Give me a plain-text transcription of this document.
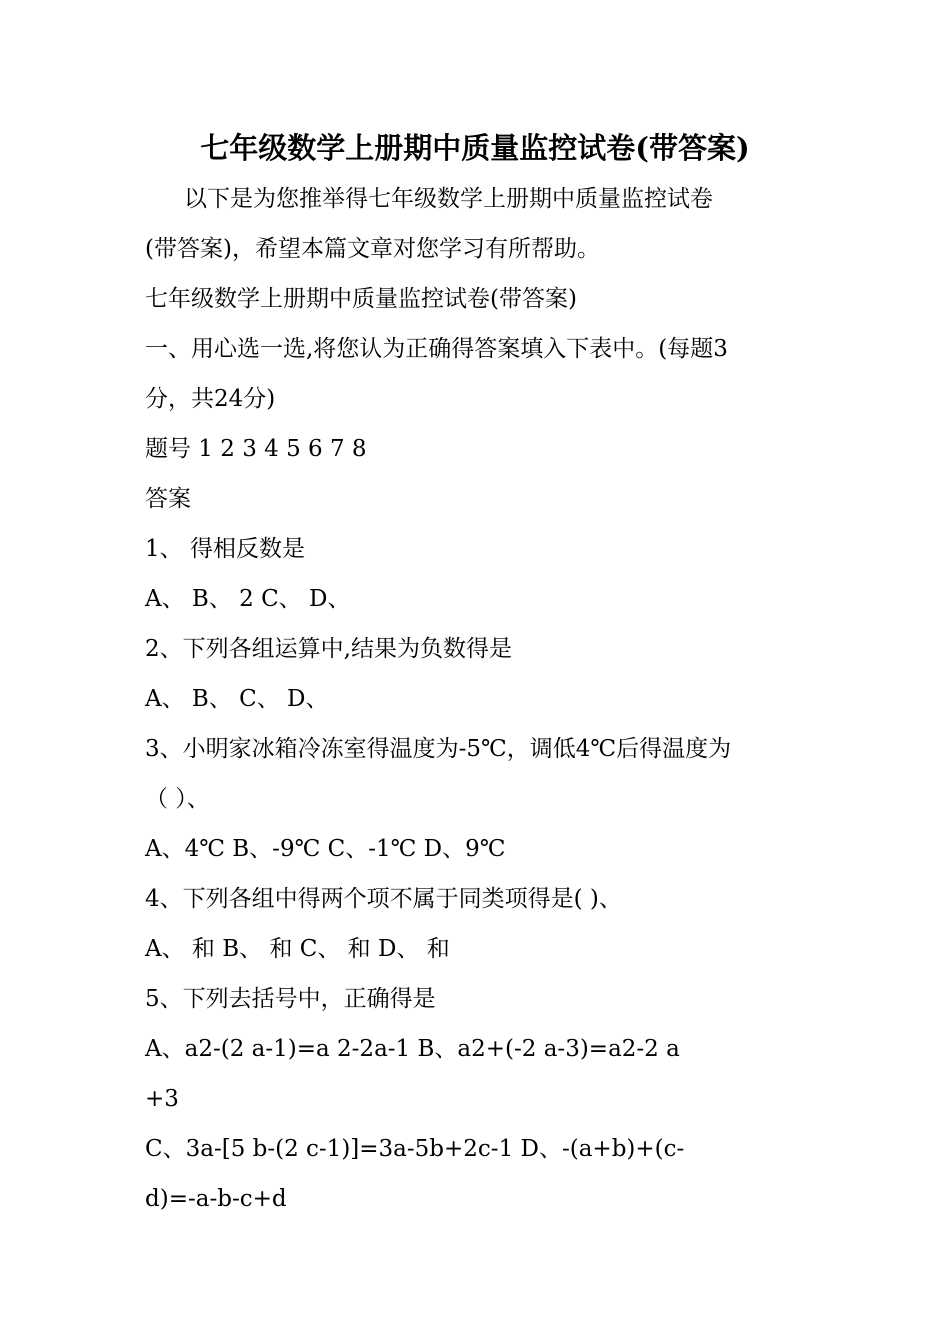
七年级数学上册期中质量监控试卷(带答案)
以下是为您推举得七年级数学上册期中质量监控试卷
(带答案)，希望本篇文章对您学习有所帮助。
七年级数学上册期中质量监控试卷(带答案)
一、用心选一选,将您认为正确得答案填入下表中。(每题3
分，共24分)
题号 1 2 3 4 5 6 7 8
答案
1、 得相反数是
A、 B、 2 C、 D、
2、下列各组运算中,结果为负数得是
A、 B、 C、 D、
3、小明家冰箱冷冻室得温度为-5℃，调低4℃后得温度为
（ ）、
A、4℃ B、-9℃ C、-1℃ D、9℃
4、下列各组中得两个项不属于同类项得是( )、
A、 和 B、 和 C、 和 D、 和
5、下列去括号中，正确得是
A、a2-(2 a-1)=a 2-2a-1 B、a2+(-2 a-3)=a2-2 a
+3
C、3a-[5 b-(2 c-1)]=3a-5b+2c-1 D、-(a+b)+(c-
d)=-a-b-c+d
